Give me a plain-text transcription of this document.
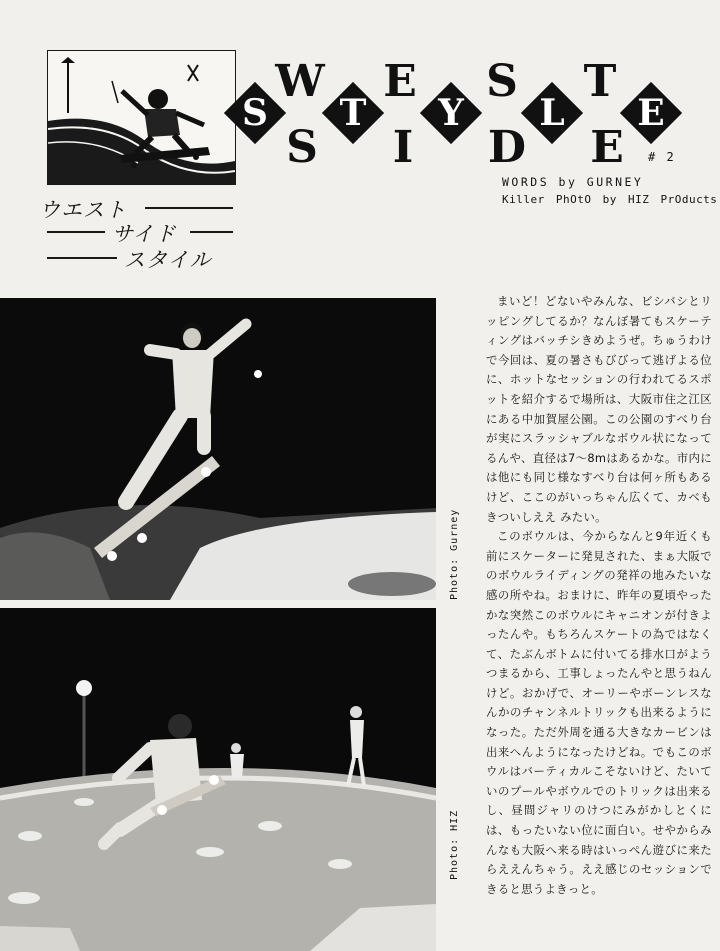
W E S T
S	I	D E
S	T	Y	L	E
# 2
WORDS by GURNEY
Killer PhOtO by HIZ PrOducts
ウエスト
サイド
スタイル
Photo: Gurney
Photo: HIZ

まいど！どないやみんな、ビシバシとリッピングしてるか？なんぼ暑てもスケーティングはバッチシきめようぜ。ちゅうわけで今回は、夏の暑さもびびって逃げよる位に、ホットなセッションの行われてるスポットを紹介するで場所は、大阪市住之江区にある中加賀屋公園。この公園のすべり台が実にスラッシャブルなボウル状になってるんや、直径は7〜8mはあるかな。市内には他にも同じ様なすべり台は何ヶ所もあるけど、ここのがいっちゃん広くて、カベもきついしええ みたい。

このボウルは、今からなんと9年近くも前にスケーターに発見された、まぁ大阪でのボウルライディングの発祥の地みたいな感の所やね。おまけに、昨年の夏頃やったかな突然このボウルにキャニオンが付きよったんや。もちろんスケートの為ではなくて、たぶんボトムに付いてる排水口がようつまるから、工事しょったんやと思うねんけど。おかげで、オーリーやボーンレスなんかのチャンネルトリックも出来るようになった。ただ外周を通る大きなカービンは出来へんようになったけどね。でもこのボウルはバーティカルこそないけど、たいていのプールやボウルでのトリックは出来るし、昼間ジャリのけつにみがかしとくには、もったいない位に面白い。せやからみんなも大阪へ来る時はいっぺん遊びに来たらええんちゃう。ええ感じのセッションできると思うよきっと。
